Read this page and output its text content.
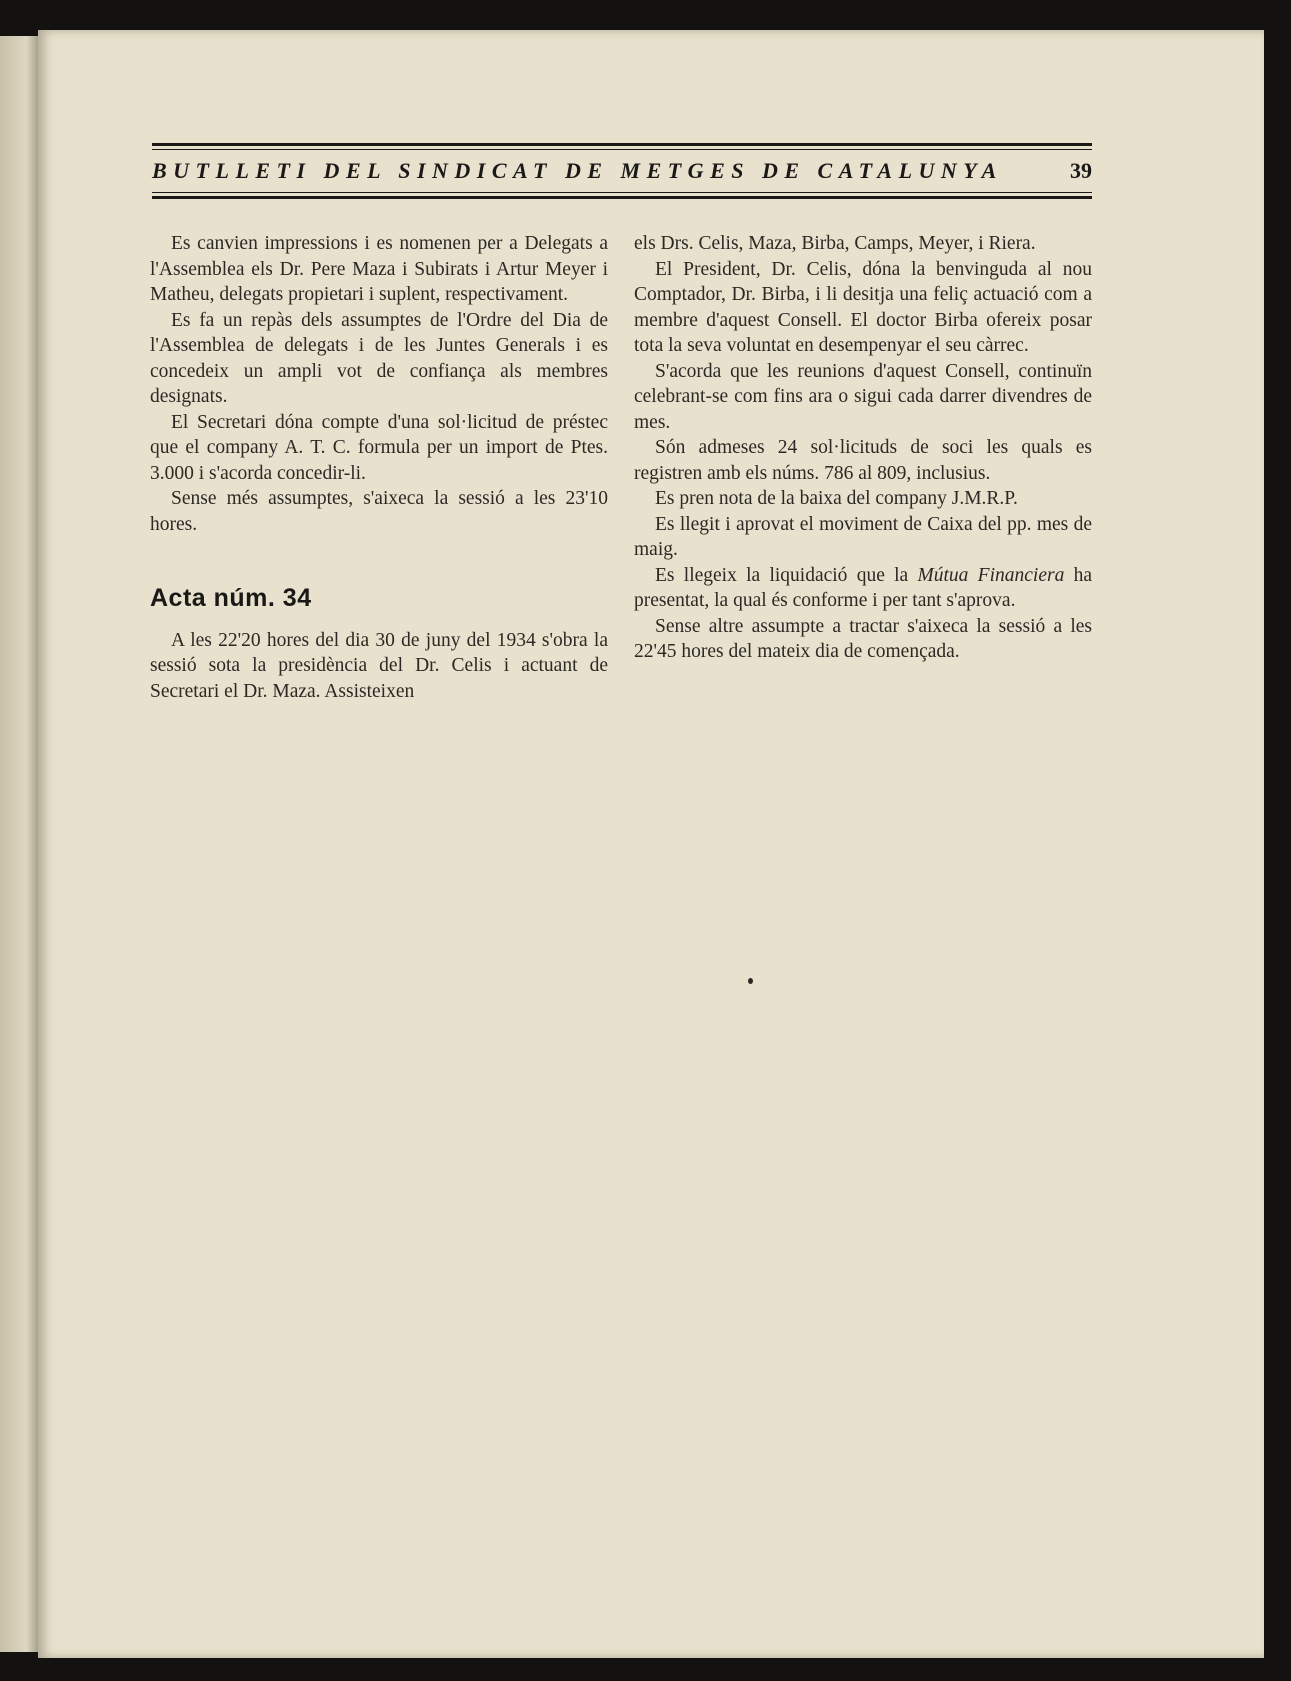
BUTLLETI DEL SINDICAT DE METGES DE CATALUNYA	39

Es canvien impressions i es nomenen per a Delegats a l'Assemblea els Dr. Pere Maza i Subirats i Artur Meyer i Matheu, delegats propietari i suplent, respectivament.

Es fa un repàs dels assumptes de l'Ordre del Dia de l'Assemblea de delegats i de les Juntes Generals i es concedeix un ampli vot de confiança als membres designats.

El Secretari dóna compte d'una sol·licitud de préstec que el company A. T. C. formula per un import de Ptes. 3.000 i s'acorda concedir-li.

Sense més assumptes, s'aixeca la sessió a les 23'10 hores.

Acta núm. 34

A les 22'20 hores del dia 30 de juny del 1934 s'obra la sessió sota la presidència del Dr. Celis i actuant de Secretari el Dr. Maza. Assisteixen

els Drs. Celis, Maza, Birba, Camps, Meyer, i Riera.

El President, Dr. Celis, dóna la benvinguda al nou Comptador, Dr. Birba, i li desitja una feliç actuació com a membre d'aquest Consell. El doctor Birba ofereix posar tota la seva voluntat en desempenyar el seu càrrec.

S'acorda que les reunions d'aquest Consell, continuïn celebrant-se com fins ara o sigui cada darrer divendres de mes.

Són admeses 24 sol·licituds de soci les quals es registren amb els núms. 786 al 809, inclusius.

Es pren nota de la baixa del company J.M.R.P.

Es llegit i aprovat el moviment de Caixa del pp. mes de maig.

Es llegeix la liquidació que la Mútua Financiera ha presentat, la qual és conforme i per tant s'aprova.

Sense altre assumpte a tractar s'aixeca la sessió a les 22'45 hores del mateix dia de començada.
